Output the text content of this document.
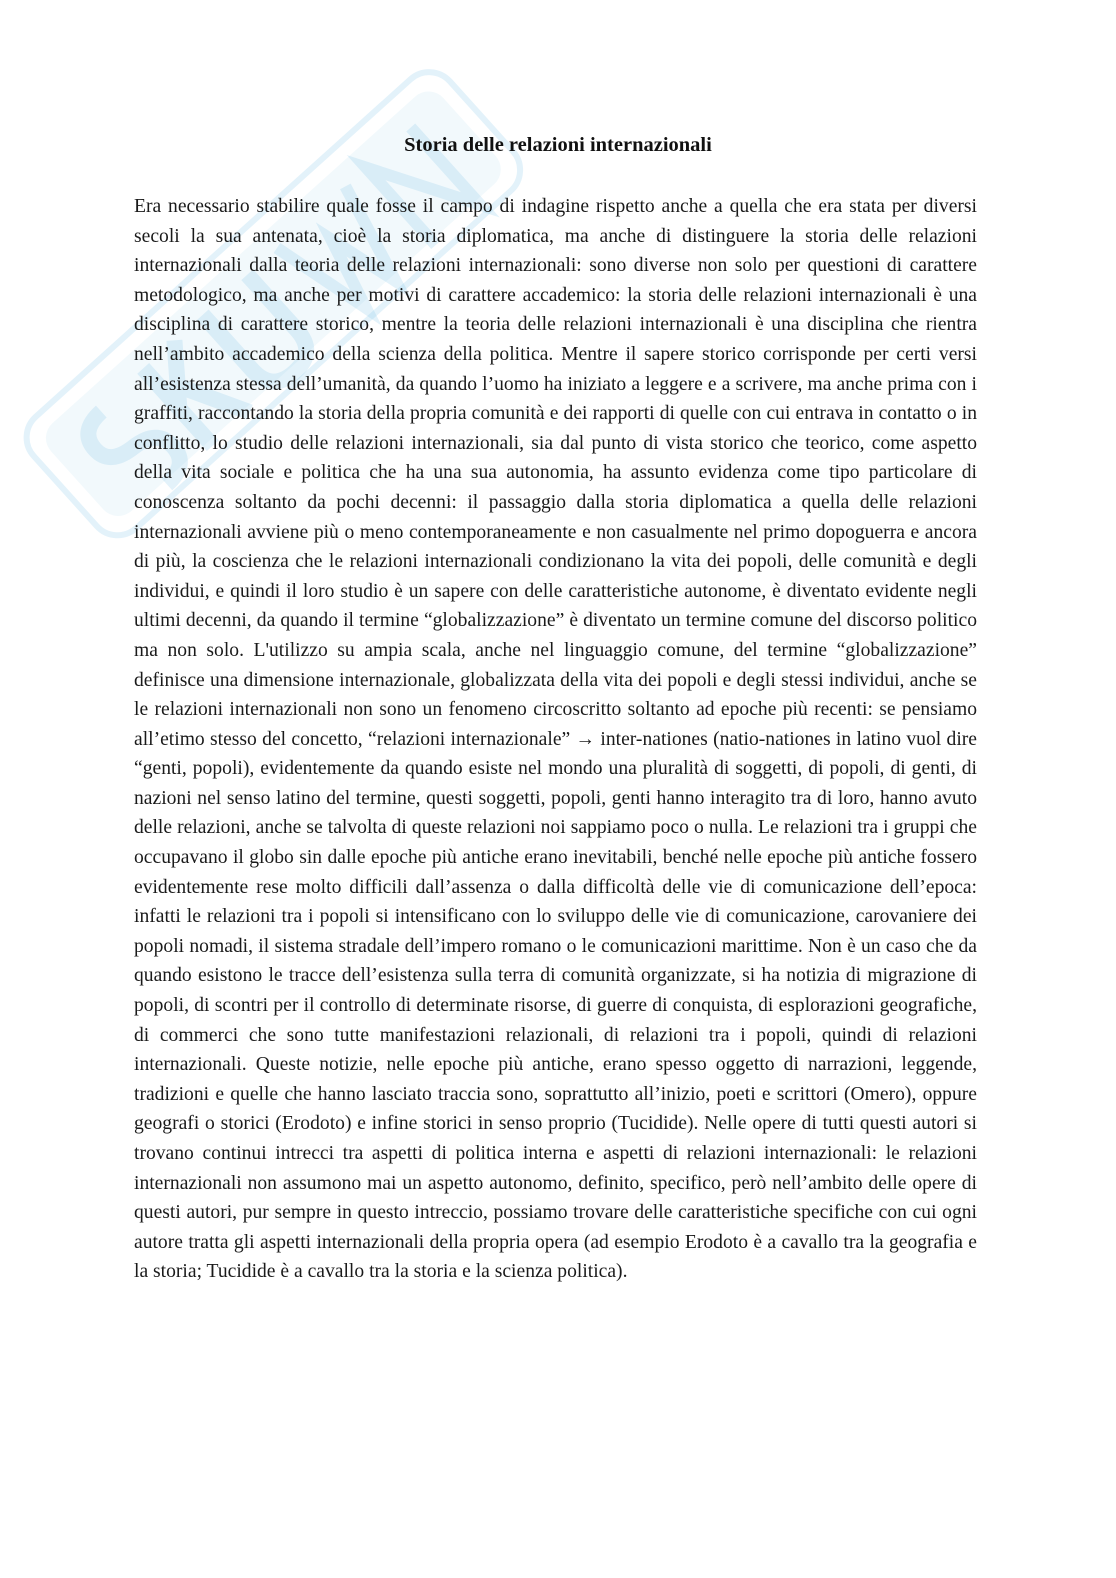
Storia delle relazioni internazionali

Era necessario stabilire quale fosse il campo di indagine rispetto anche a quella che era stata per diversi secoli la sua antenata, cioè la storia diplomatica, ma anche di distinguere la storia delle relazioni internazionali dalla teoria delle relazioni internazionali: sono diverse non solo per questioni di carattere metodologico, ma anche per motivi di carattere accademico: la storia delle relazioni internazionali è una disciplina di carattere storico, mentre la teoria delle relazioni internazionali è una disciplina che rientra nell’ambito accademico della scienza della politica. Mentre il sapere storico corrisponde per certi versi all’esistenza stessa dell’umanità, da quando l’uomo ha iniziato a leggere e a scrivere, ma anche prima con i graffiti, raccontando la storia della propria comunità e dei rapporti di quelle con cui entrava in contatto o in conflitto, lo studio delle relazioni internazionali, sia dal punto di vista storico che teorico, come aspetto della vita sociale e politica che ha una sua autonomia, ha assunto evidenza come tipo particolare di conoscenza soltanto da pochi decenni: il passaggio dalla storia diplomatica a quella delle relazioni internazionali avviene più o meno contemporaneamente e non casualmente nel primo dopoguerra e ancora di più, la coscienza che le relazioni internazionali condizionano la vita dei popoli, delle comunità e degli individui, e quindi il loro studio è un sapere con delle caratteristiche autonome, è diventato evidente negli ultimi decenni, da quando il termine “globalizzazione” è diventato un termine comune del discorso politico ma non solo. L'utilizzo su ampia scala, anche nel linguaggio comune, del termine “globalizzazione” definisce una dimensione internazionale, globalizzata della vita dei popoli e degli stessi individui, anche se le relazioni internazionali non sono un fenomeno circoscritto soltanto ad epoche più recenti: se pensiamo all’etimo stesso del concetto, “relazioni internazionale” → inter-nationes (natio-nationes in latino vuol dire “genti, popoli), evidentemente da quando esiste nel mondo una pluralità di soggetti, di popoli, di genti, di nazioni nel senso latino del termine, questi soggetti, popoli, genti hanno interagito tra di loro, hanno avuto delle relazioni, anche se talvolta di queste relazioni noi sappiamo poco o nulla. Le relazioni tra i gruppi che occupavano il globo sin dalle epoche più antiche erano inevitabili, benché nelle epoche più antiche fossero evidentemente rese molto difficili dall’assenza o dalla difficoltà delle vie di comunicazione dell’epoca: infatti le relazioni tra i popoli si intensificano con lo sviluppo delle vie di comunicazione, carovaniere dei popoli nomadi, il sistema stradale dell’impero romano o le comunicazioni marittime. Non è un caso che da quando esistono le tracce dell’esistenza sulla terra di comunità organizzate, si ha notizia di migrazione di popoli, di scontri per il controllo di determinate risorse, di guerre di conquista, di esplorazioni geografiche, di commerci che sono tutte manifestazioni relazionali, di relazioni tra i popoli, quindi di relazioni internazionali. Queste notizie, nelle epoche più antiche, erano spesso oggetto di narrazioni, leggende, tradizioni e quelle che hanno lasciato traccia sono, soprattutto all’inizio, poeti e scrittori (Omero), oppure geografi o storici (Erodoto) e infine storici in senso proprio (Tucidide). Nelle opere di tutti questi autori si trovano continui intrecci tra aspetti di politica interna e aspetti di relazioni internazionali: le relazioni internazionali non assumono mai un aspetto autonomo, definito, specifico, però nell’ambito delle opere di questi autori, pur sempre in questo intreccio, possiamo trovare delle caratteristiche specifiche con cui ogni autore tratta gli aspetti internazionali della propria opera (ad esempio Erodoto è a cavallo tra la geografia e la storia; Tucidide è a cavallo tra la storia e la scienza politica).
